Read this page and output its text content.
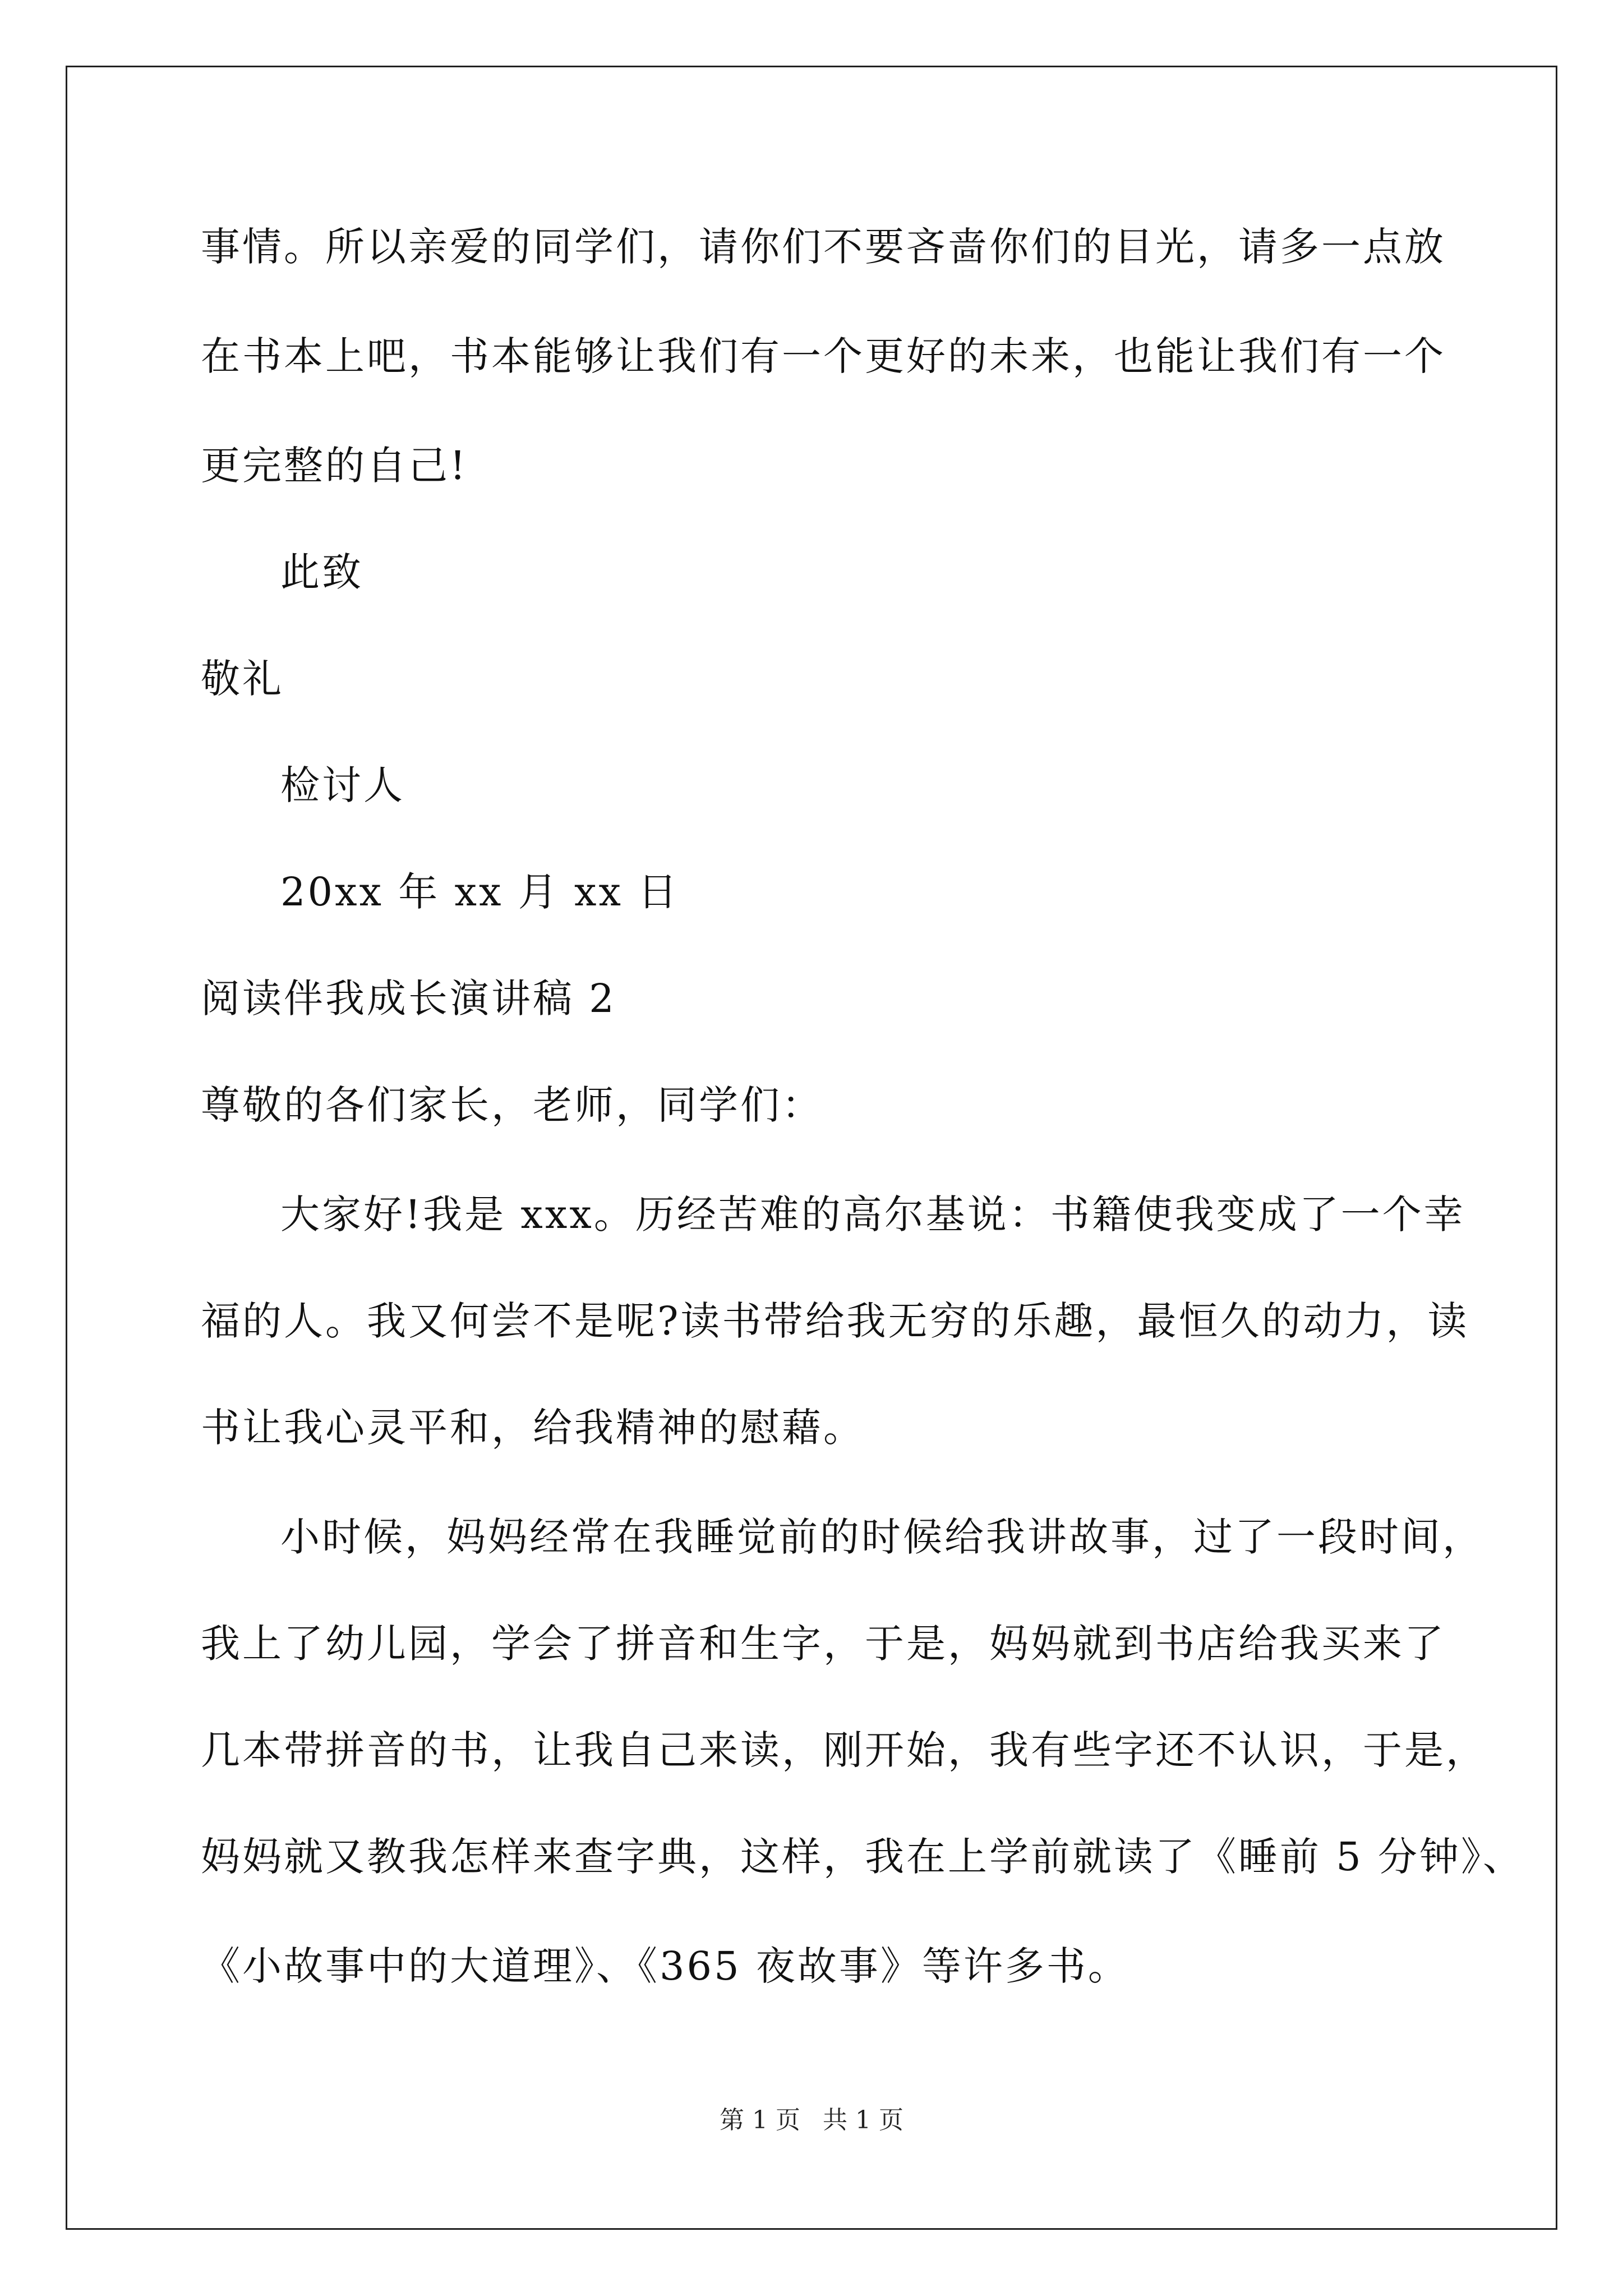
事情。所以亲爱的同学们，请你们不要吝啬你们的目光，请多一点放
在书本上吧，书本能够让我们有一个更好的未来，也能让我们有一个
更完整的自己!
此致
敬礼
检讨人
20xx 年 xx 月 xx 日
阅读伴我成长演讲稿 2
尊敬的各们家长，老师，同学们：
大家好!我是 xxx。历经苦难的高尔基说：书籍使我变成了一个幸
福的人。我又何尝不是呢?读书带给我无穷的乐趣，最恒久的动力，读
书让我心灵平和，给我精神的慰藉。
小时候，妈妈经常在我睡觉前的时候给我讲故事，过了一段时间，
我上了幼儿园，学会了拼音和生字，于是，妈妈就到书店给我买来了
几本带拼音的书，让我自己来读，刚开始，我有些字还不认识，于是，
妈妈就又教我怎样来查字典，这样，我在上学前就读了《睡前 5 分钟》、
《小故事中的大道理》、《365 夜故事》等许多书。
第 1 页 共 1 页
